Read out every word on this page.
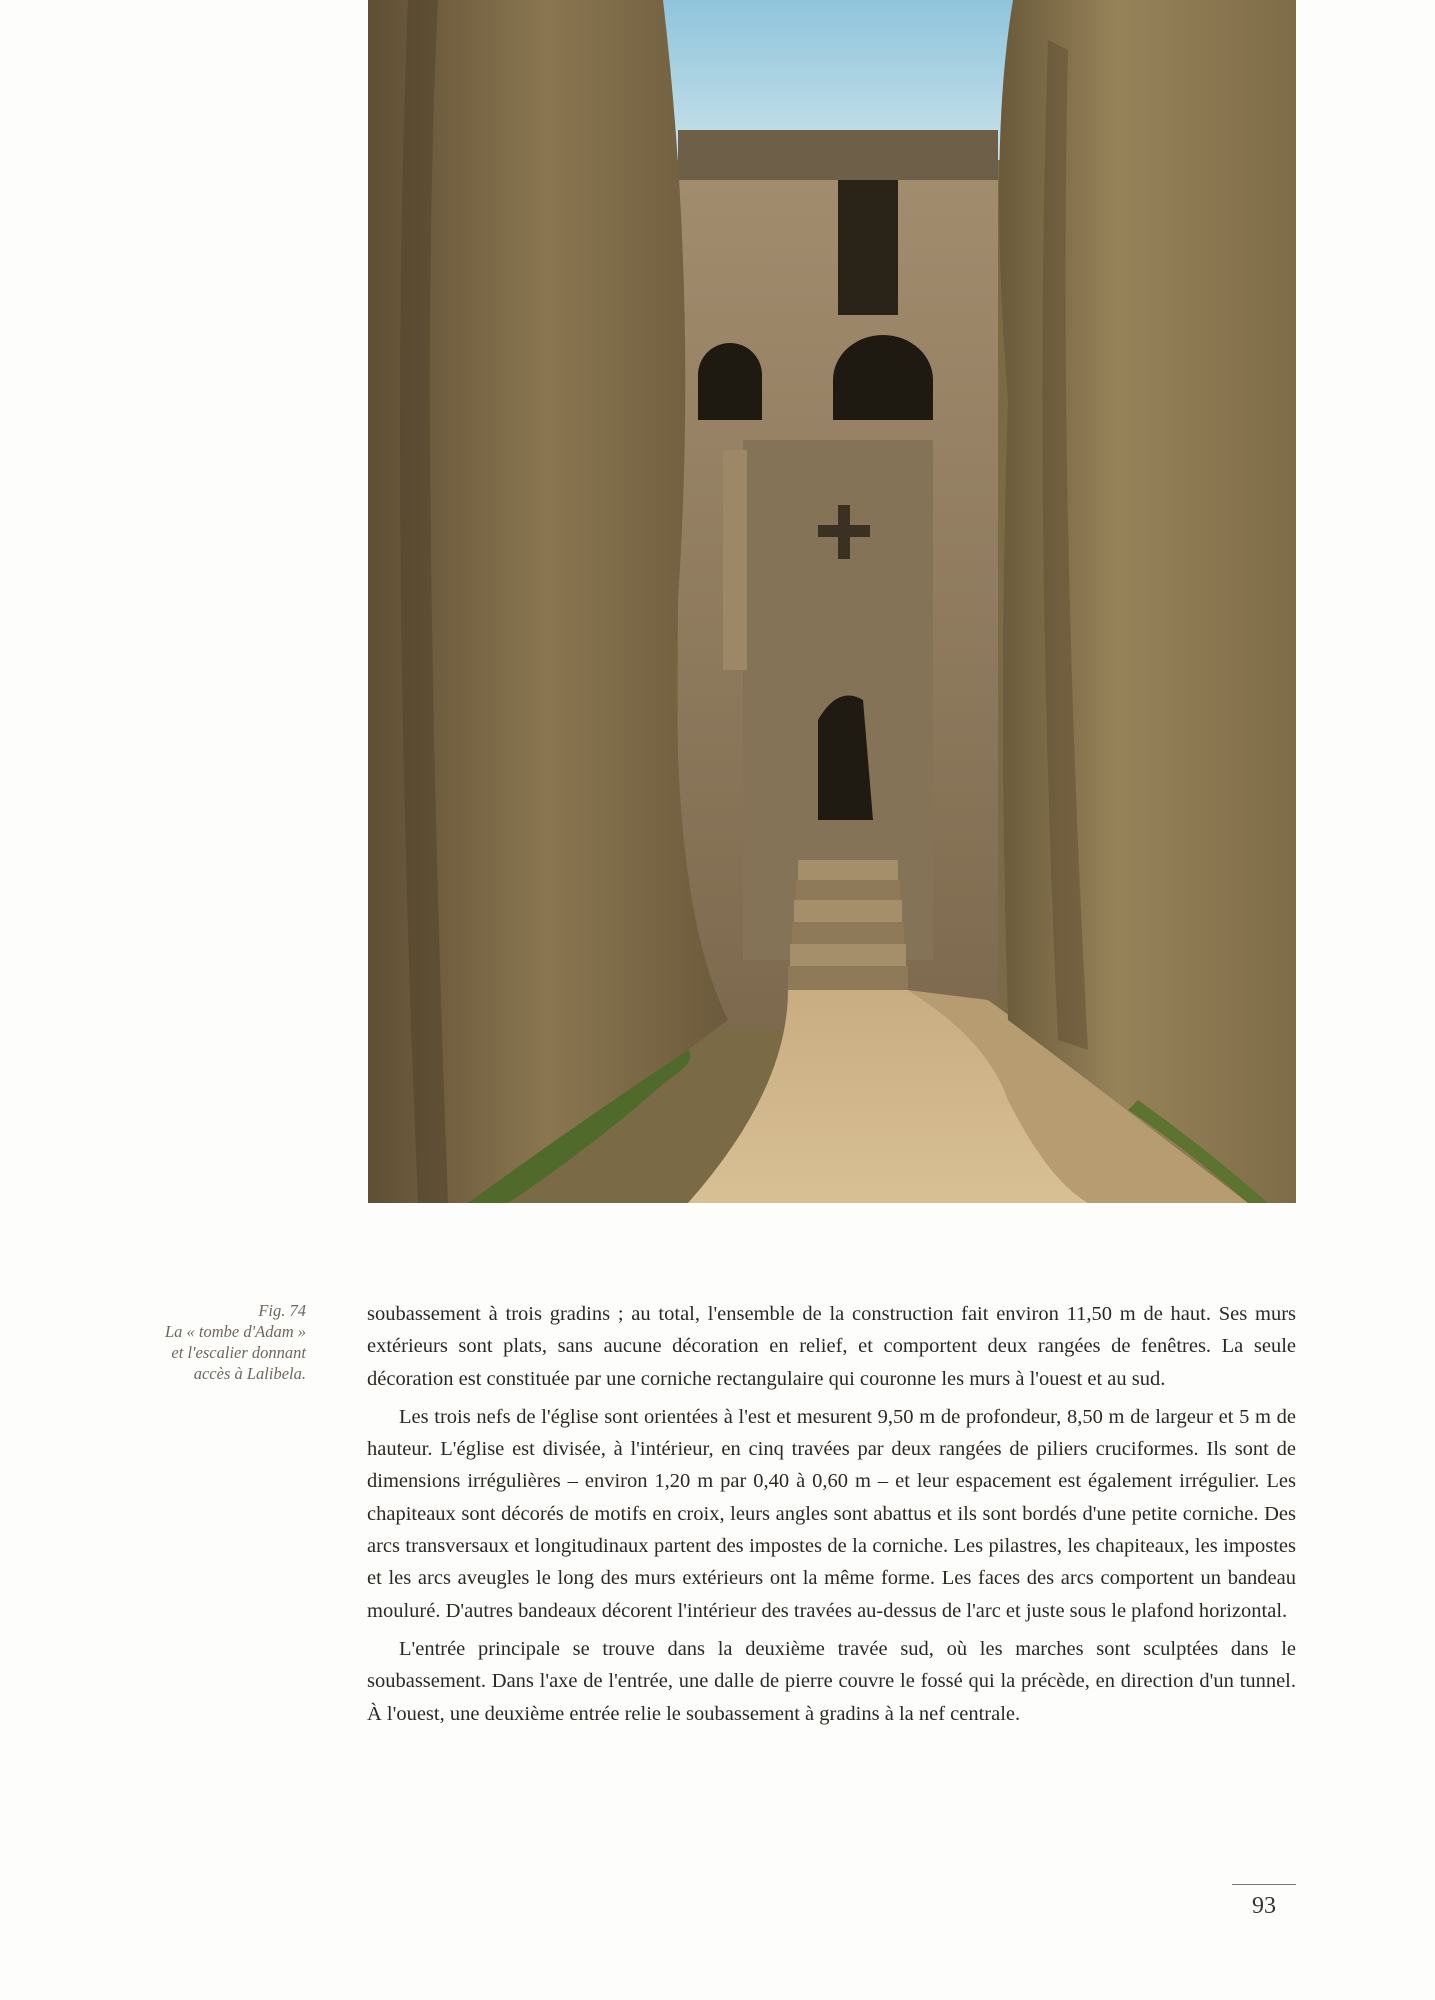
Fig. 74
La « tombe d'Adam »
et l'escalier donnant
accès à Lalibela.

soubassement à trois gradins ; au total, l'ensemble de la construction fait environ 11,50 m de haut. Ses murs extérieurs sont plats, sans aucune décoration en relief, et comportent deux rangées de fenêtres. La seule décoration est constituée par une corniche rectangulaire qui couronne les murs à l'ouest et au sud.

Les trois nefs de l'église sont orientées à l'est et mesurent 9,50 m de profondeur, 8,50 m de largeur et 5 m de hauteur. L'église est divisée, à l'intérieur, en cinq travées par deux rangées de piliers cruciformes. Ils sont de dimensions irrégulières – environ 1,20 m par 0,40 à 0,60 m – et leur espacement est également irrégulier. Les chapiteaux sont décorés de motifs en croix, leurs angles sont abattus et ils sont bordés d'une petite corniche. Des arcs transversaux et longitudinaux partent des impostes de la corniche. Les pilastres, les chapiteaux, les impostes et les arcs aveugles le long des murs extérieurs ont la même forme. Les faces des arcs comportent un bandeau mouluré. D'autres bandeaux décorent l'intérieur des travées au-dessus de l'arc et juste sous le plafond horizontal.

L'entrée principale se trouve dans la deuxième travée sud, où les marches sont sculptées dans le soubassement. Dans l'axe de l'entrée, une dalle de pierre couvre le fossé qui la précède, en direction d'un tunnel. À l'ouest, une deuxième entrée relie le soubassement à gradins à la nef centrale.

93
